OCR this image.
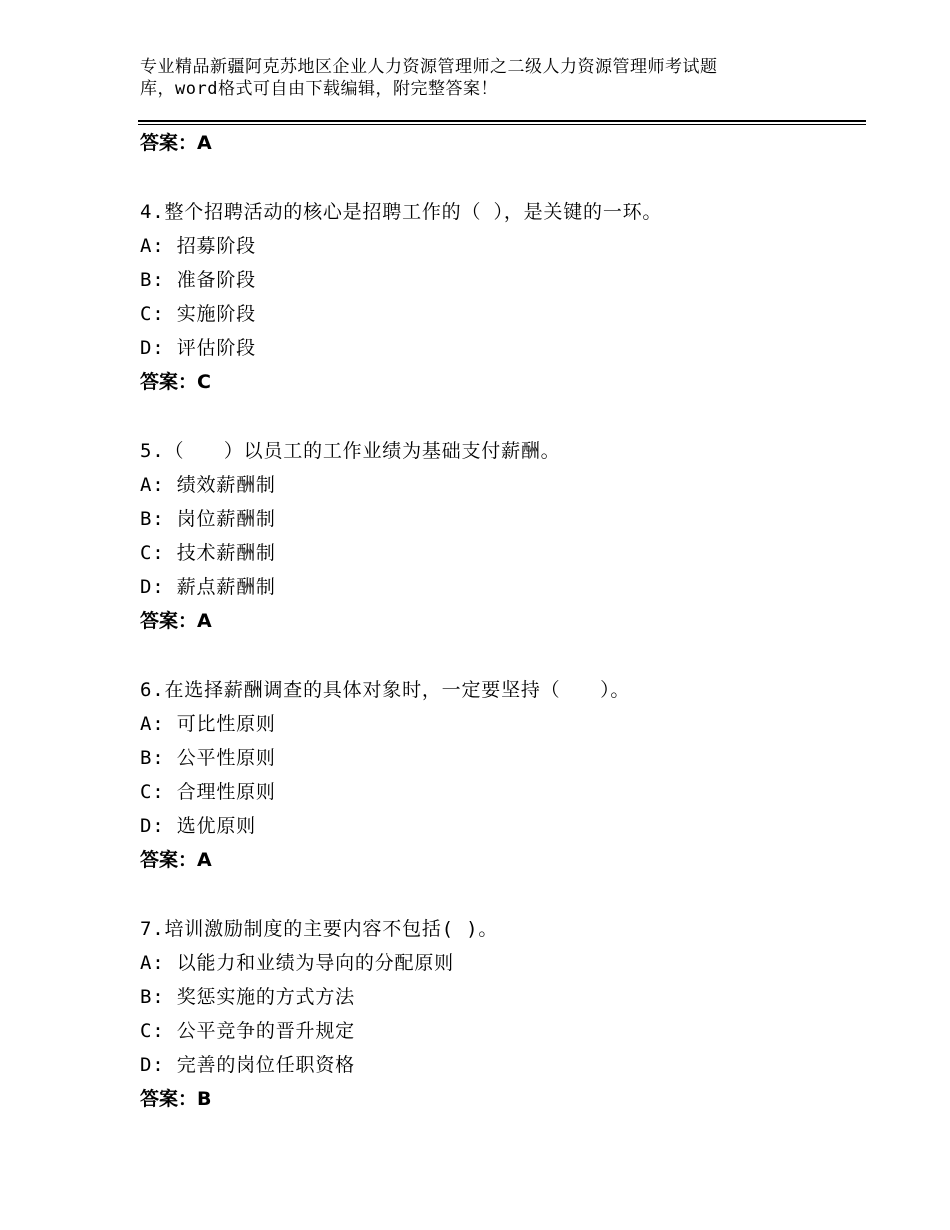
专业精品新疆阿克苏地区企业人力资源管理师之二级人力资源管理师考试题
库，word格式可自由下载编辑，附完整答案！
答案：A
4.整个招聘活动的核心是招聘工作的（ ），是关键的一环。
A: 招募阶段
B: 准备阶段
C: 实施阶段
D: 评估阶段
答案：C
5.（　　）以员工的工作业绩为基础支付薪酬。
A: 绩效薪酬制
B: 岗位薪酬制
C: 技术薪酬制
D: 薪点薪酬制
答案：A
6.在选择薪酬调查的具体对象时，一定要坚持（　　）。
A: 可比性原则
B: 公平性原则
C: 合理性原则
D: 选优原则
答案：A
7.培训激励制度的主要内容不包括( )。
A: 以能力和业绩为导向的分配原则
B: 奖惩实施的方式方法
C: 公平竞争的晋升规定
D: 完善的岗位任职资格
答案：B
